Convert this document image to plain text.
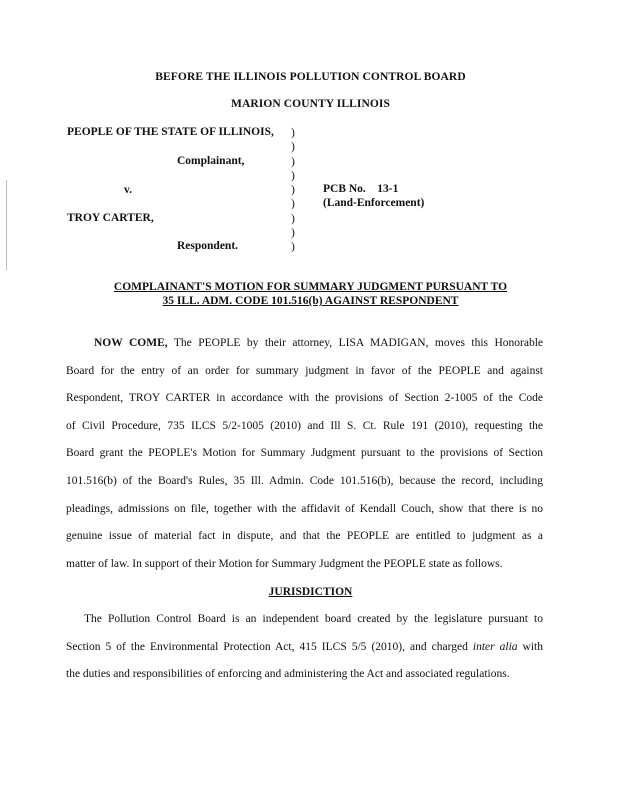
BEFORE THE ILLINOIS POLLUTION CONTROL BOARD
MARION COUNTY ILLINOIS
PEOPLE OF THE STATE OF ILLINOIS,
Complainant,
v.
TROY CARTER,
Respondent.
)
)
)
)
)
)
)
)
)
PCB No.    13-1
(Land-Enforcement)
COMPLAINANT'S MOTION FOR SUMMARY JUDGMENT PURSUANT TO
35 ILL. ADM. CODE 101.516(b) AGAINST RESPONDENT
NOW COME, The PEOPLE by their attorney, LISA MADIGAN, moves this Honorable
Board for the entry of an order for summary judgment in favor of the PEOPLE and against
Respondent, TROY CARTER in accordance with the provisions of Section 2-1005 of the Code
of Civil Procedure, 735 ILCS 5/2-1005 (2010) and Ill S. Ct. Rule 191 (2010), requesting the
Board grant the PEOPLE's Motion for Summary Judgment pursuant to the provisions of Section
101.516(b) of the Board's Rules, 35 Ill. Admin. Code 101.516(b), because the record, including
pleadings, admissions on file, together with the affidavit of Kendall Couch, show that there is no
genuine issue of material fact in dispute, and that the PEOPLE are entitled to judgment as a
matter of law. In support of their Motion for Summary Judgment the PEOPLE state as follows.
JURISDICTION
The Pollution Control Board is an independent board created by the legislature pursuant to
Section 5 of the Environmental Protection Act, 415 ILCS 5/5 (2010), and charged inter alia with
the duties and responsibilities of enforcing and administering the Act and associated regulations.
